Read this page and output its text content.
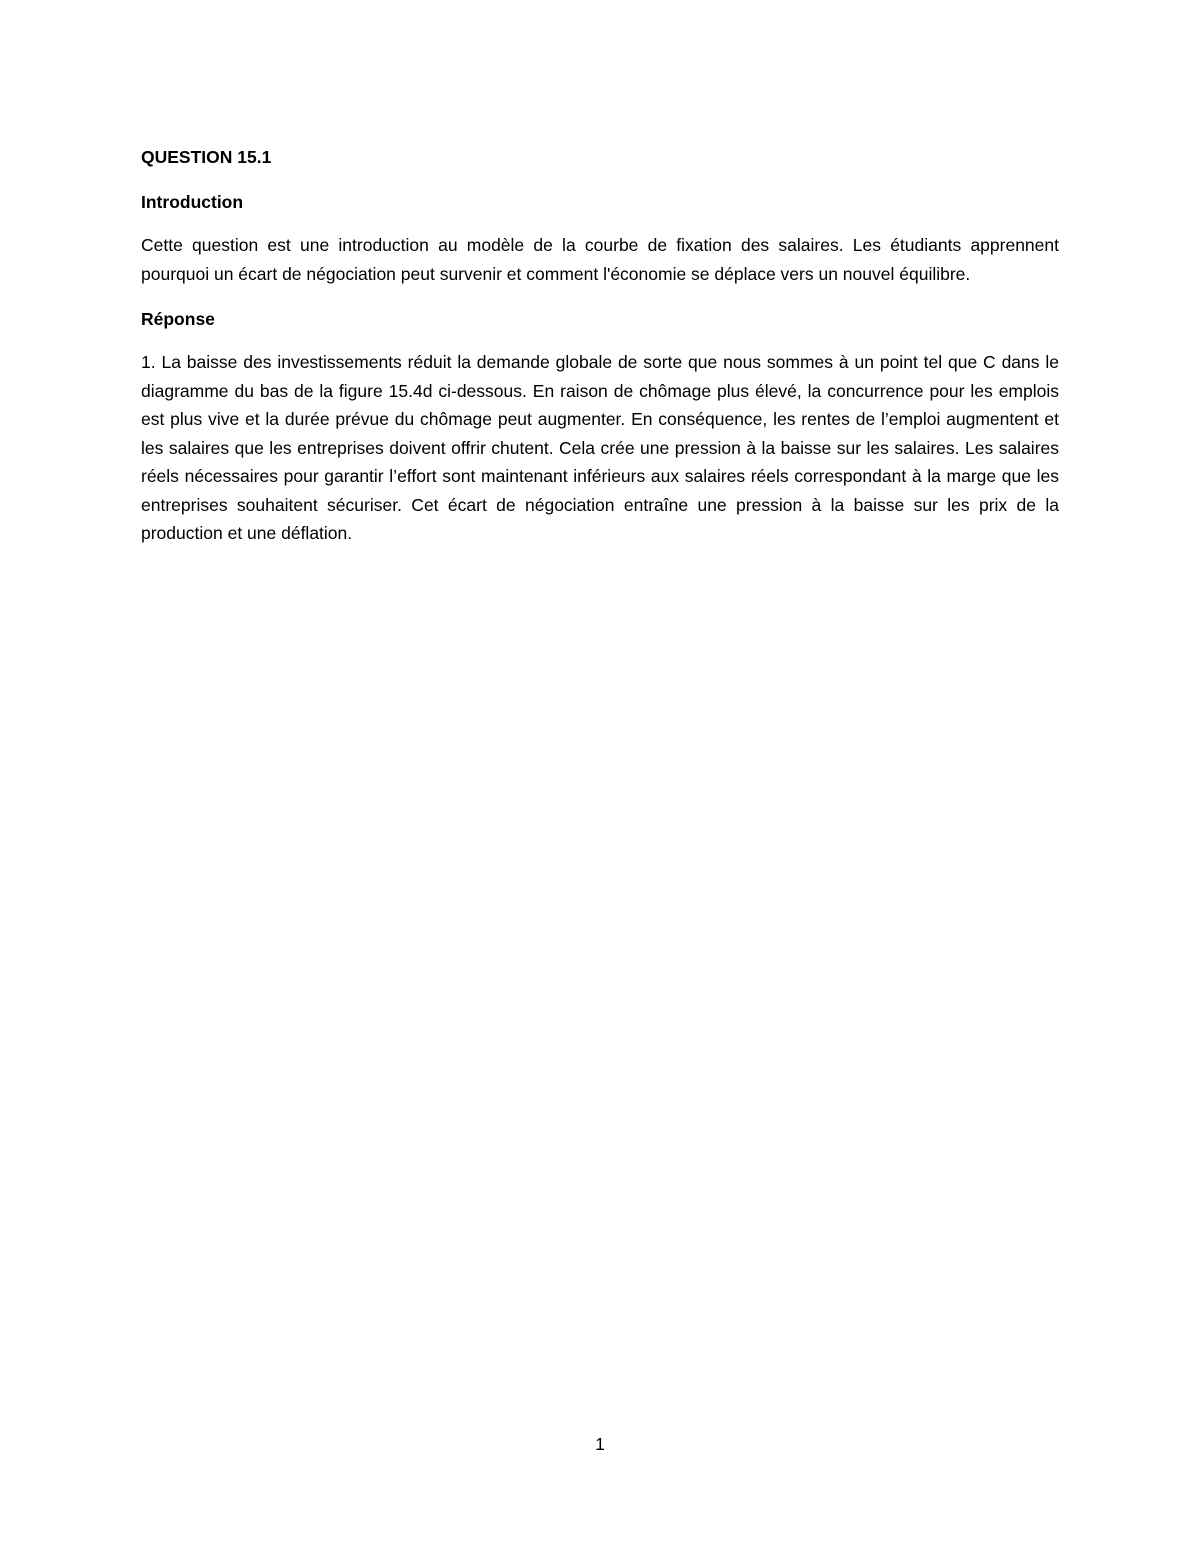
QUESTION 15.1

Introduction

Cette question est une introduction au modèle de la courbe de fixation des salaires. Les étudiants apprennent pourquoi un écart de négociation peut survenir et comment l'économie se déplace vers un nouvel équilibre.

Réponse

1. La baisse des investissements réduit la demande globale de sorte que nous sommes à un point tel que C dans le diagramme du bas de la figure 15.4d ci-dessous. En raison de chômage plus élevé, la concurrence pour les emplois est plus vive et la durée prévue du chômage peut augmenter. En conséquence, les rentes de l’emploi augmentent et les salaires que les entreprises doivent offrir chutent. Cela crée une pression à la baisse sur les salaires. Les salaires réels nécessaires pour garantir l’effort sont maintenant inférieurs aux salaires réels correspondant à la marge que les entreprises souhaitent sécuriser. Cet écart de négociation entraîne une pression à la baisse sur les prix de la production et une déflation.

1
